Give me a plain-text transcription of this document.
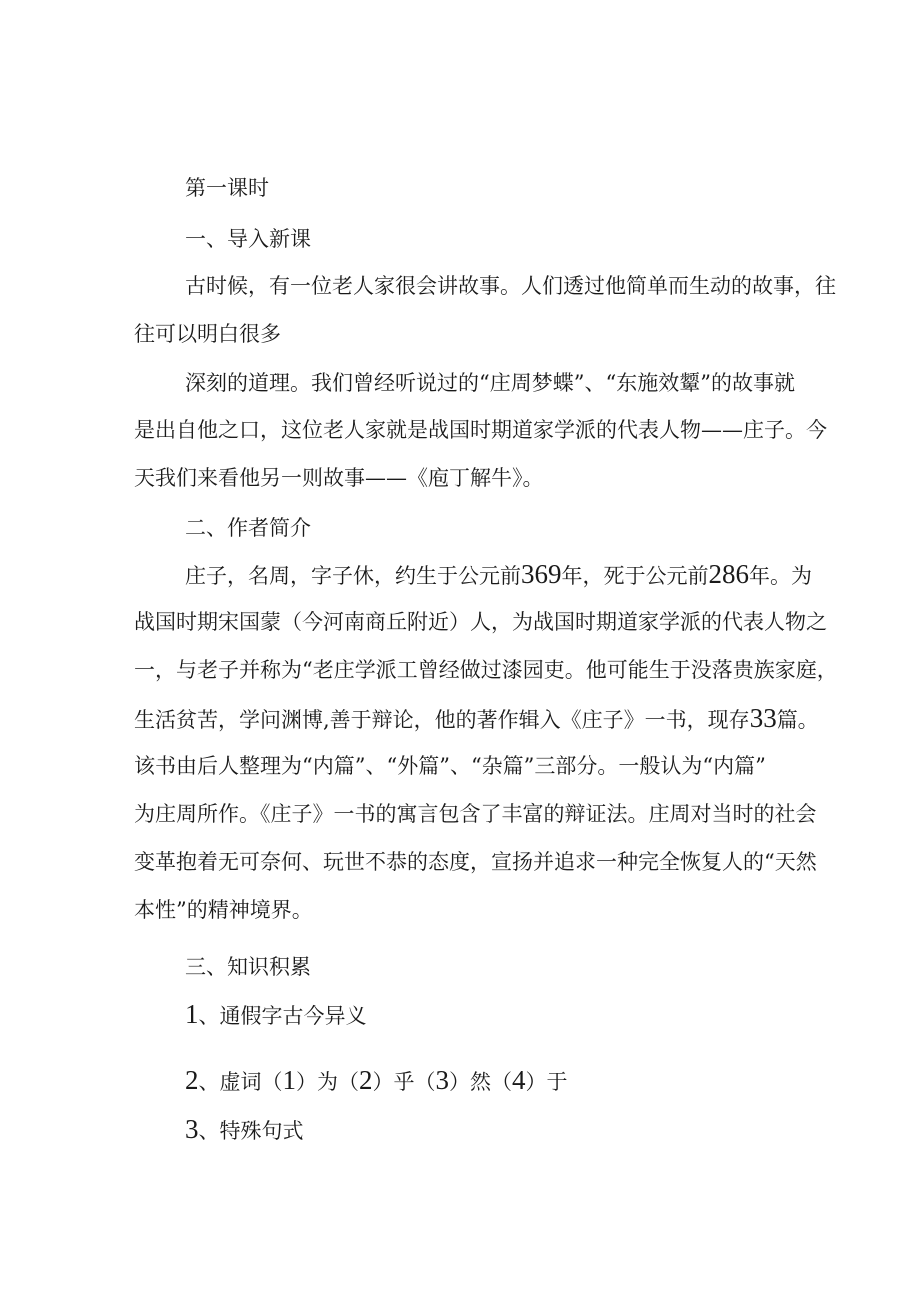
第一课时
一、导入新课
古时候，有一位老人家很会讲故事。人们透过他简单而生动的故事，往
往可以明白很多
深刻的道理。我们曾经听说过的“庄周梦蝶”、“东施效颦”的故事就
是出自他之口，这位老人家就是战国时期道家学派的代表人物——庄子。今
天我们来看他另一则故事——《庖丁解牛》。
二、作者简介
庄子，名周，字子休，约生于公元前369年，死于公元前286年。为
战国时期宋国蒙（今河南商丘附近）人，为战国时期道家学派的代表人物之
一，与老子并称为“老庄学派工曾经做过漆园吏。他可能生于没落贵族家庭，
生活贫苦，学问渊博,善于辩论，他的著作辑入《庄子》一书，现存33篇。
该书由后人整理为“内篇”、“外篇”、“杂篇”三部分。一般认为“内篇”
为庄周所作。《庄子》一书的寓言包含了丰富的辩证法。庄周对当时的社会
变革抱着无可奈何、玩世不恭的态度，宣扬并追求一种完全恢复人的“天然
本性”的精神境界。
三、知识积累
1、通假字古今异义
2、虚词（1）为（2）乎（3）然（4）于
3、特殊句式
